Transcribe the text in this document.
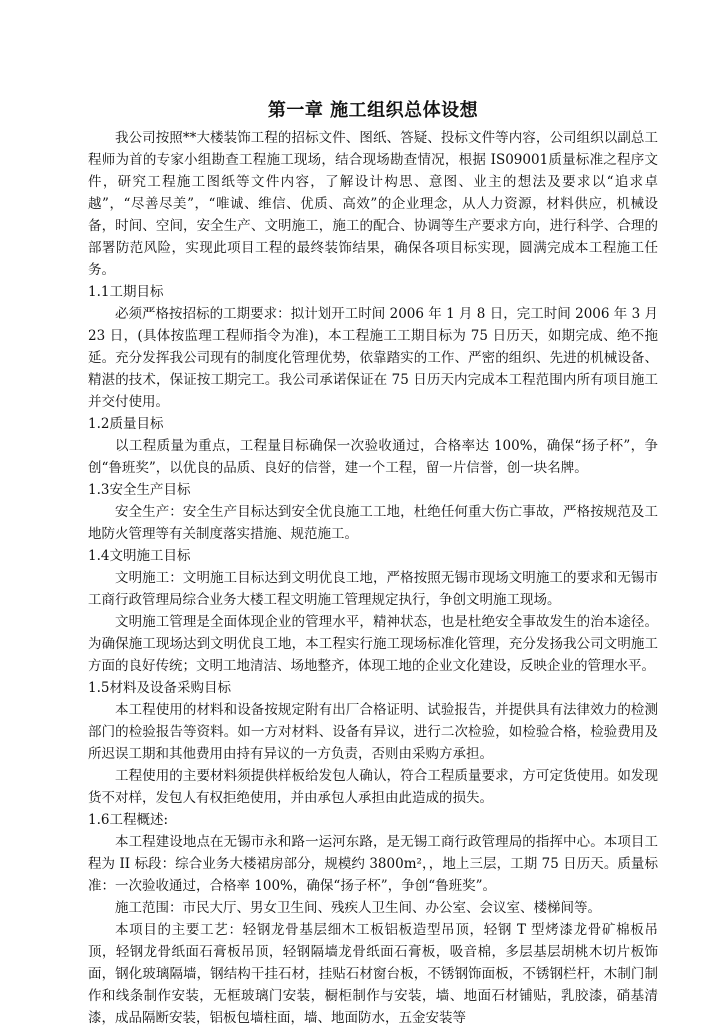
第一章 施工组织总体设想

我公司按照**大楼装饰工程的招标文件、图纸、答疑、投标文件等内容，公司组织以副总工程师为首的专家小组勘查工程施工现场，结合现场勘查情况，根据 IS09001质量标准之程序文件，研究工程施工图纸等文件内容，了解设计构思、意图、业主的想法及要求以“追求卓越”，“尽善尽美”，“唯诚、维信、优质、高效”的企业理念，从人力资源，材料供应，机械设备，时间、空间，安全生产、文明施工，施工的配合、协调等生产要求方向，进行科学、合理的部署防范风险，实现此项目工程的最终装饰结果，确保各项目标实现，圆满完成本工程施工任务。

1.1工期目标

必须严格按招标的工期要求：拟计划开工时间 2006 年 1 月 8 日，完工时间 2006 年 3 月 23 日，(具体按监理工程师指令为准)，本工程施工工期目标为 75 日历天，如期完成、绝不拖延。充分发挥我公司现有的制度化管理优势，依靠踏实的工作、严密的组织、先进的机械设备、精湛的技术，保证按工期完工。我公司承诺保证在 75 日历天内完成本工程范围内所有项目施工并交付使用。

1.2质量目标

以工程质量为重点，工程量目标确保一次验收通过，合格率达 100%，确保“扬子杯”，争创“鲁班奖”，以优良的品质、良好的信誉，建一个工程，留一片信誉，创一块名牌。

1.3安全生产目标

安全生产：安全生产目标达到安全优良施工工地，杜绝任何重大伤亡事故，严格按规范及工地防火管理等有关制度落实措施、规范施工。

1.4文明施工目标

文明施工：文明施工目标达到文明优良工地，严格按照无锡市现场文明施工的要求和无锡市工商行政管理局综合业务大楼工程文明施工管理规定执行，争创文明施工现场。

文明施工管理是全面体现企业的管理水平，精神状态，也是杜绝安全事故发生的治本途径。为确保施工现场达到文明优良工地，本工程实行施工现场标准化管理，充分发扬我公司文明施工方面的良好传统；文明工地清洁、场地整齐，体现工地的企业文化建设，反映企业的管理水平。

1.5材料及设备采购目标

本工程使用的材料和设备按规定附有出厂合格证明、试验报告，并提供具有法律效力的检测部门的检验报告等资料。如一方对材料、设备有异议，进行二次检验，如检验合格，检验费用及所迟误工期和其他费用由持有异议的一方负责，否则由采购方承担。

工程使用的主要材料须提供样板给发包人确认，符合工程质量要求，方可定货使用。如发现货不对样，发包人有权拒绝使用，并由承包人承担由此造成的损失。

1.6工程概述:

本工程建设地点在无锡市永和路一运河东路，是无锡工商行政管理局的指挥中心。本项目工程为 II 标段：综合业务大楼裙房部分，规模约 3800m²，，地上三层，工期 75 日历天。质量标准：一次验收通过，合格率 100%，确保“扬子杯”，争创“鲁班奖”。

施工范围：市民大厅、男女卫生间、残疾人卫生间、办公室、会议室、楼梯间等。

本项目的主要工艺：轻钢龙骨基层细木工板铝板造型吊顶，轻钢 T 型烤漆龙骨矿棉板吊顶，轻钢龙骨纸面石膏板吊顶，轻钢隔墙龙骨纸面石膏板，吸音棉，多层基层胡桃木切片板饰面，钢化玻璃隔墙，钢结构干挂石材，挂贴石材窗台板，不锈钢饰面板，不锈钢栏杆，木制门制作和线条制作安装，无框玻璃门安装，橱柜制作与安装，墙、地面石材铺贴，乳胶漆，硝基清漆，成品隔断安装，铝板包墙柱面，墙、地面防水，五金安装等
